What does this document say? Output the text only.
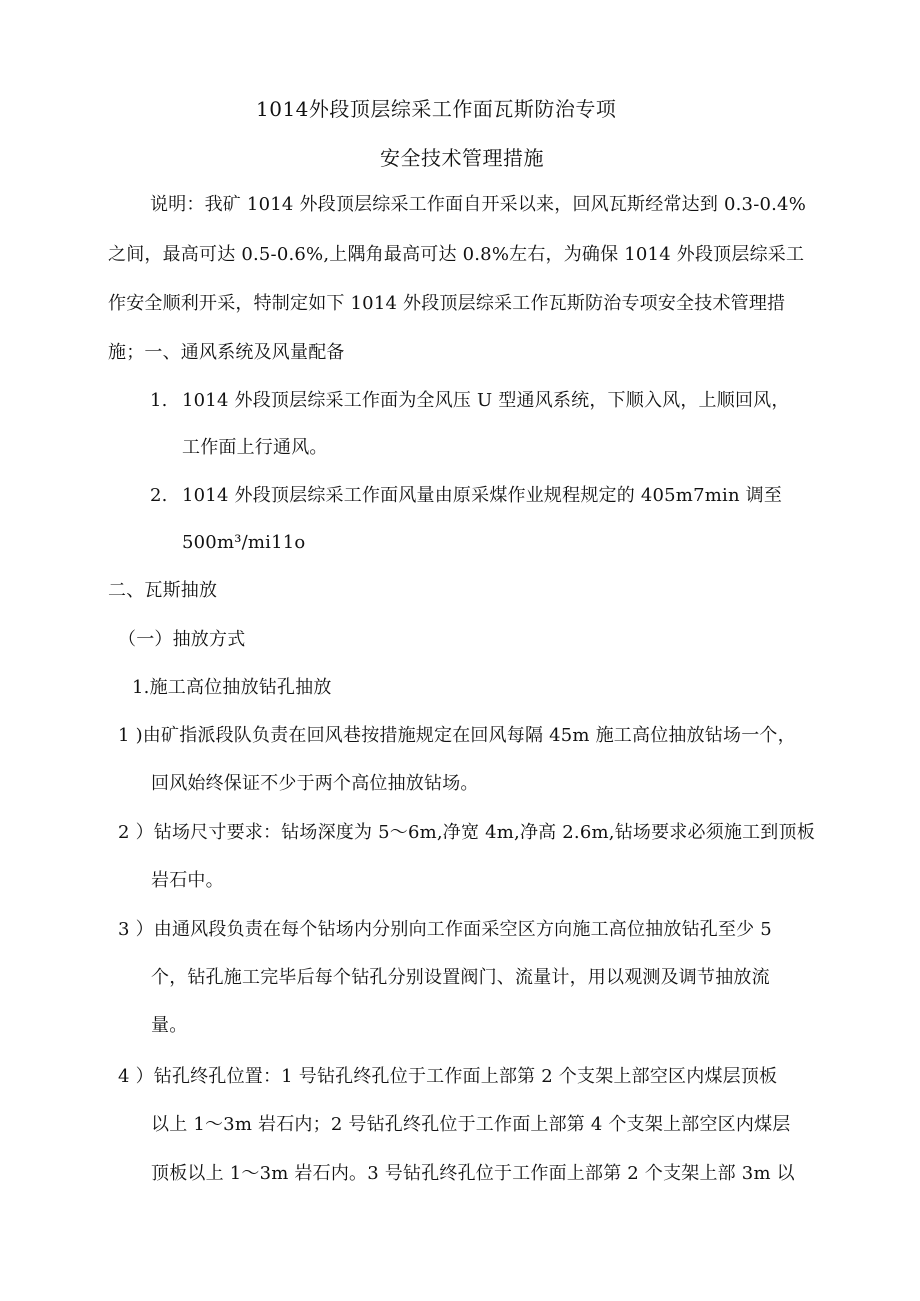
1014外段顶层综采工作面瓦斯防治专项
安全技术管理措施
说明：我矿 1014 外段顶层综采工作面自开采以来，回风瓦斯经常达到 0.3-0.4%
之间，最高可达 0.5-0.6%,上隅角最高可达 0.8%左右，为确保 1014 外段顶层综采工
作安全顺利开采，特制定如下 1014 外段顶层综采工作瓦斯防治专项安全技术管理措
施；一、通风系统及风量配备
1. 1014 外段顶层综采工作面为全风压 U 型通风系统，下顺入风，上顺回风，
工作面上行通风。
2. 1014 外段顶层综采工作面风量由原采煤作业规程规定的 405m7min 调至
500m³∕mi11o
二、瓦斯抽放
（一）抽放方式
1.施工高位抽放钻孔抽放
1 )由矿指派段队负责在回风巷按措施规定在回风每隔 45m 施工高位抽放钻场一个，
回风始终保证不少于两个高位抽放钻场。
2 ）钻场尺寸要求：钻场深度为 5～6m,净宽 4m,净高 2.6m,钻场要求必须施工到顶板
岩石中。
3 ）由通风段负责在每个钻场内分别向工作面采空区方向施工高位抽放钻孔至少 5
个，钻孔施工完毕后每个钻孔分别设置阀门、流量计，用以观测及调节抽放流
量。
4 ）钻孔终孔位置：1 号钻孔终孔位于工作面上部第 2 个支架上部空区内煤层顶板
以上 1～3m 岩石内；2 号钻孔终孔位于工作面上部第 4 个支架上部空区内煤层
顶板以上 1～3m 岩石内。3 号钻孔终孔位于工作面上部第 2 个支架上部 3m 以
